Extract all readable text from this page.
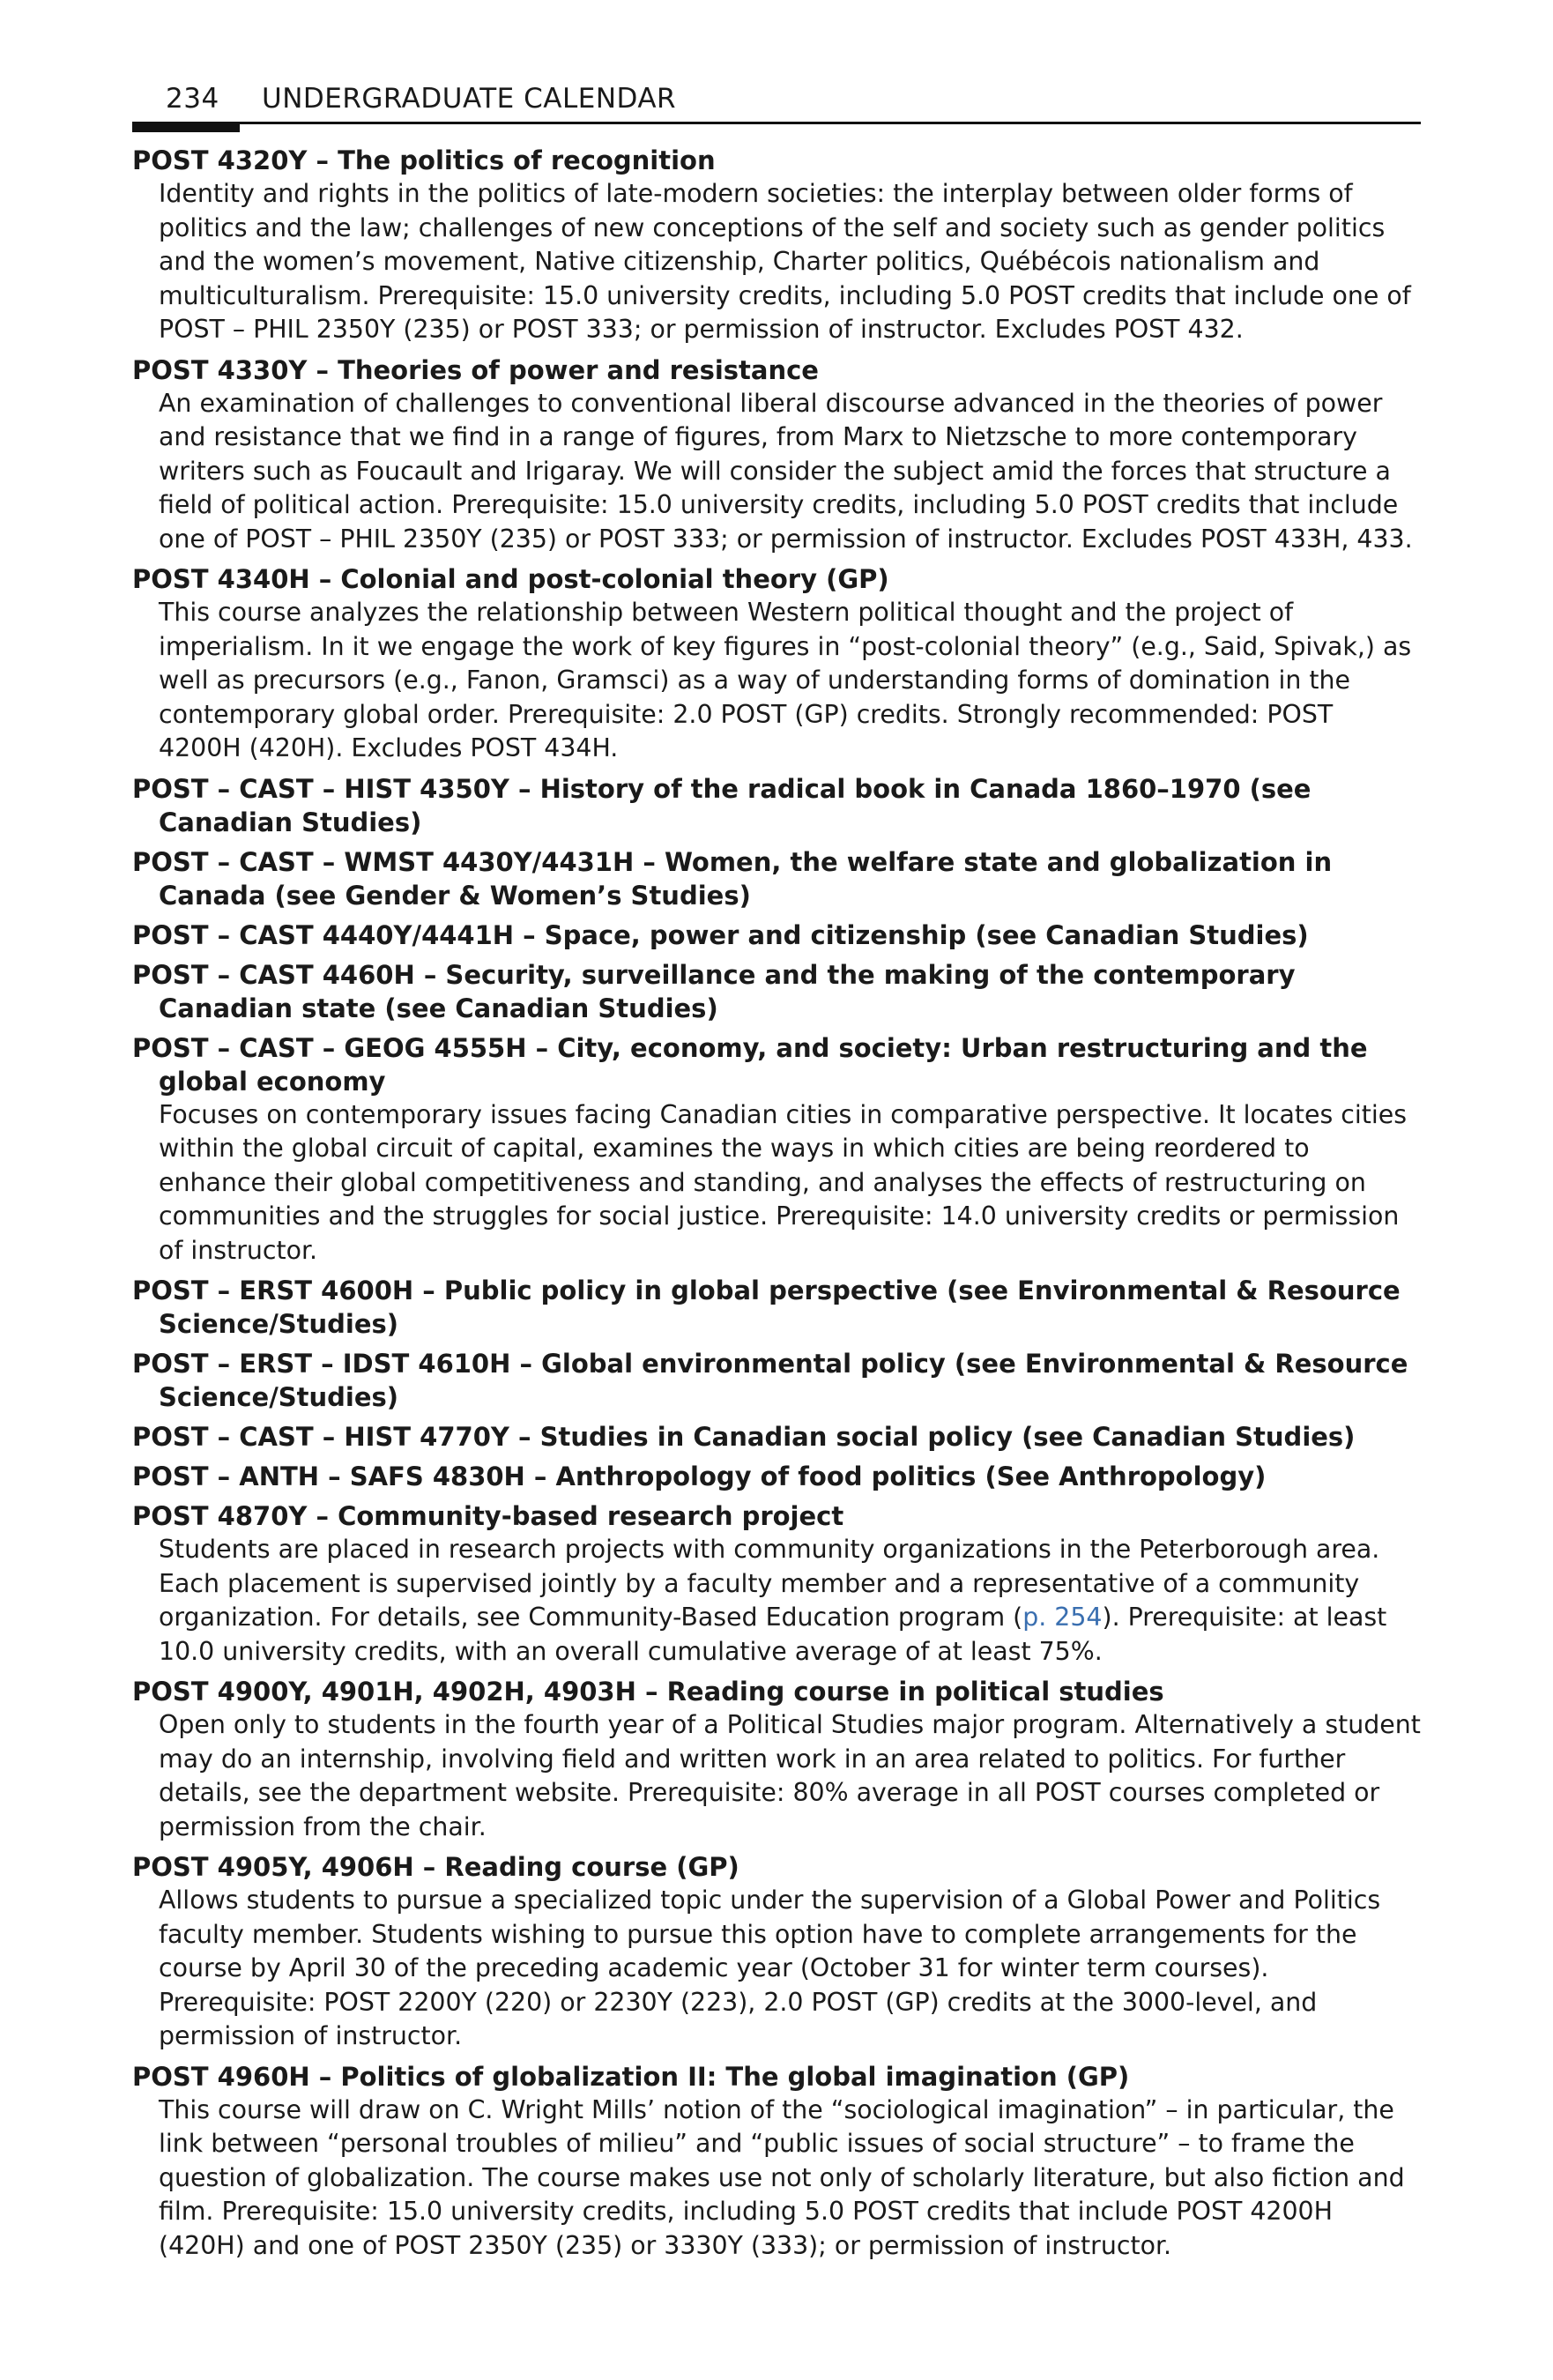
234 UNDERGRADUATE CALENDAR
POST 4320Y – The politics of recognition
Identity and rights in the politics of late-modern societies: the interplay between older forms of politics and the law; challenges of new conceptions of the self and society such as gender politics and the women’s movement, Native citizenship, Charter politics, Québécois nationalism and multiculturalism. Prerequisite: 15.0 university credits, including 5.0 POST credits that include one of POST – PHIL 2350Y (235) or POST 333; or permission of instructor. Excludes POST 432.
POST 4330Y – Theories of power and resistance
An examination of challenges to conventional liberal discourse advanced in the theories of power and resistance that we find in a range of figures, from Marx to Nietzsche to more contemporary writers such as Foucault and Irigaray. We will consider the subject amid the forces that structure a field of political action. Prerequisite: 15.0 university credits, including 5.0 POST credits that include one of POST – PHIL 2350Y (235) or POST 333; or permission of instructor. Excludes POST 433H, 433.
POST 4340H – Colonial and post-colonial theory (GP)
This course analyzes the relationship between Western political thought and the project of imperialism. In it we engage the work of key figures in “post-colonial theory” (e.g., Said, Spivak,) as well as precursors (e.g., Fanon, Gramsci) as a way of understanding forms of domination in the contemporary global order. Prerequisite: 2.0 POST (GP) credits. Strongly recommended: POST 4200H (420H). Excludes POST 434H.
POST – CAST – HIST 4350Y – History of the radical book in Canada 1860–1970 (see Canadian Studies)
POST – CAST – WMST 4430Y/4431H – Women, the welfare state and globalization in Canada (see Gender & Women’s Studies)
POST – CAST 4440Y/4441H – Space, power and citizenship (see Canadian Studies)
POST – CAST 4460H – Security, surveillance and the making of the contemporary Canadian state (see Canadian Studies)
POST – CAST – GEOG 4555H – City, economy, and society: Urban restructuring and the global economy
Focuses on contemporary issues facing Canadian cities in comparative perspective. It locates cities within the global circuit of capital, examines the ways in which cities are being reordered to enhance their global competitiveness and standing, and analyses the effects of restructuring on communities and the struggles for social justice. Prerequisite: 14.0 university credits or permission of instructor.
POST – ERST 4600H – Public policy in global perspective (see Environmental & Resource Science/Studies)
POST – ERST – IDST 4610H – Global environmental policy (see Environmental & Resource Science/Studies)
POST – CAST – HIST 4770Y – Studies in Canadian social policy (see Canadian Studies)
POST – ANTH – SAFS 4830H – Anthropology of food politics (See Anthropology)
POST 4870Y – Community-based research project
Students are placed in research projects with community organizations in the Peterborough area. Each placement is supervised jointly by a faculty member and a representative of a community organization. For details, see Community-Based Education program (p. 254). Prerequisite: at least 10.0 university credits, with an overall cumulative average of at least 75%.
POST 4900Y, 4901H, 4902H, 4903H – Reading course in political studies
Open only to students in the fourth year of a Political Studies major program. Alternatively a student may do an internship, involving field and written work in an area related to politics. For further details, see the department website. Prerequisite: 80% average in all POST courses completed or permission from the chair.
POST 4905Y, 4906H – Reading course (GP)
Allows students to pursue a specialized topic under the supervision of a Global Power and Politics faculty member. Students wishing to pursue this option have to complete arrangements for the course by April 30 of the preceding academic year (October 31 for winter term courses). Prerequisite: POST 2200Y (220) or 2230Y (223), 2.0 POST (GP) credits at the 3000-level, and permission of instructor.
POST 4960H – Politics of globalization II: The global imagination (GP)
This course will draw on C. Wright Mills’ notion of the “sociological imagination” – in particular, the link between “personal troubles of milieu” and “public issues of social structure” – to frame the question of globalization. The course makes use not only of scholarly literature, but also fiction and film. Prerequisite: 15.0 university credits, including 5.0 POST credits that include POST 4200H (420H) and one of POST 2350Y (235) or 3330Y (333); or permission of instructor.
